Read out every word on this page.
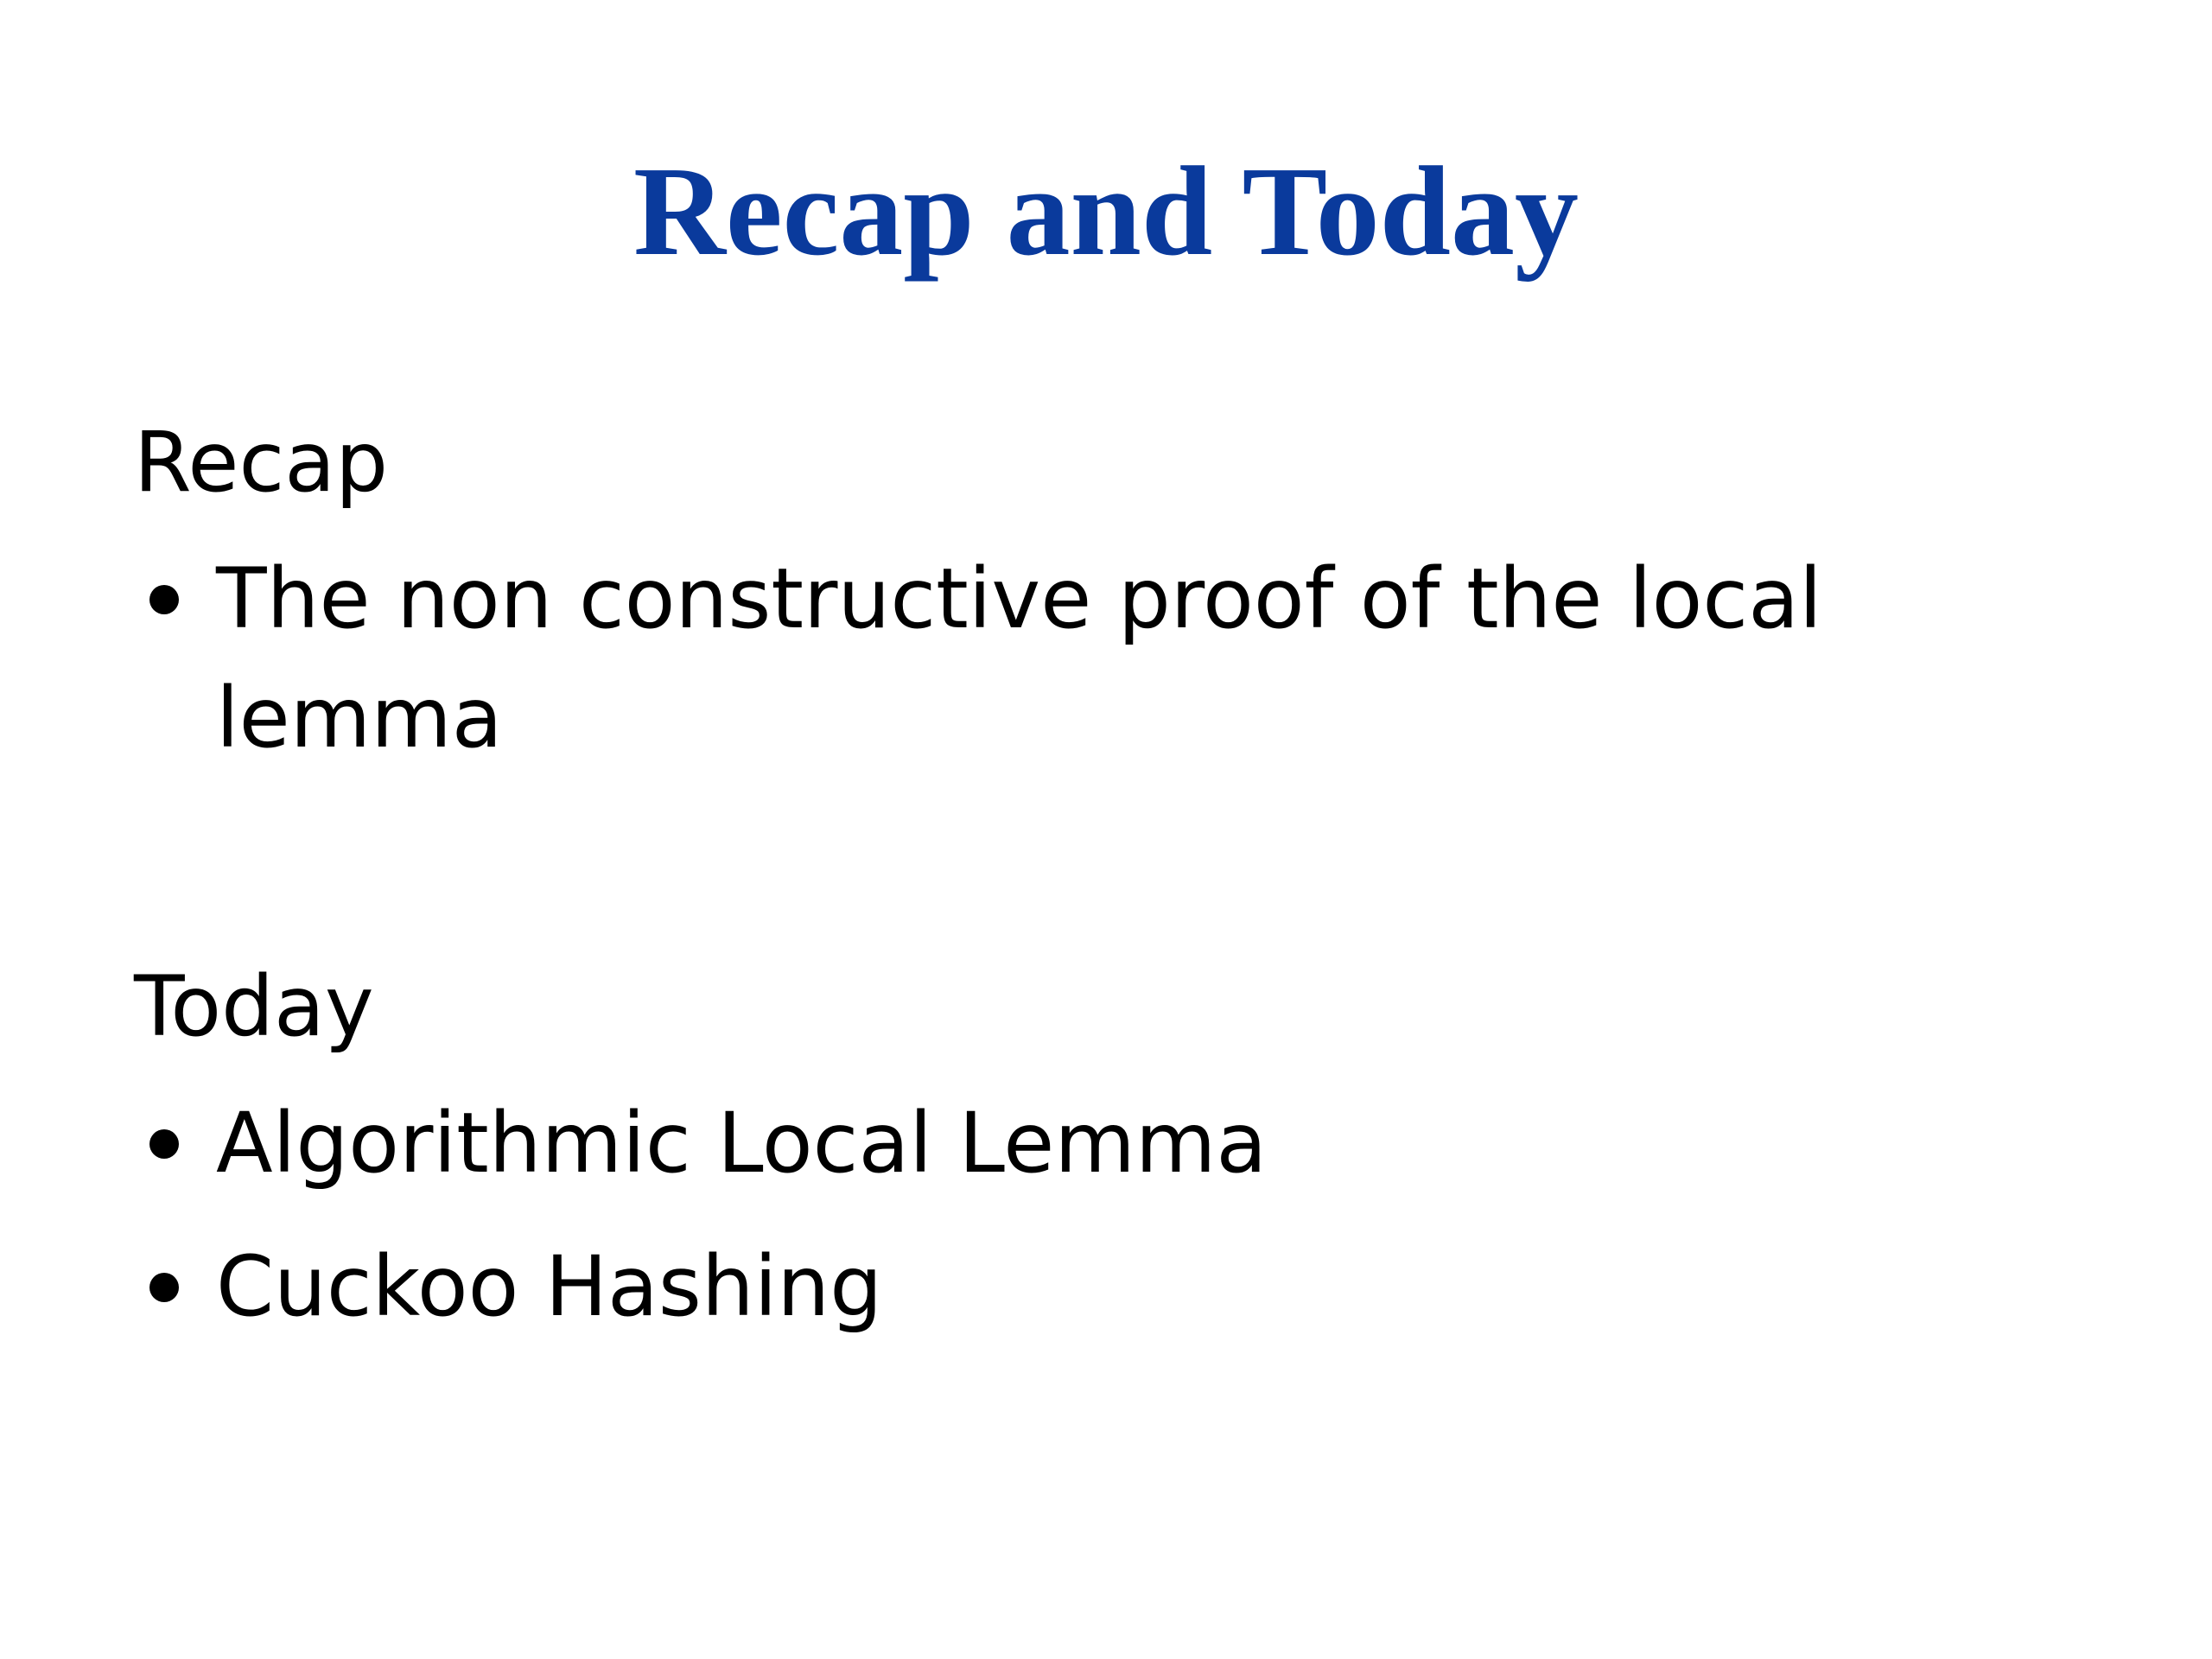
Recap and Today

Recap

The non constructive proof of the local lemma

Today

Algorithmic Local Lemma
Cuckoo Hashing
